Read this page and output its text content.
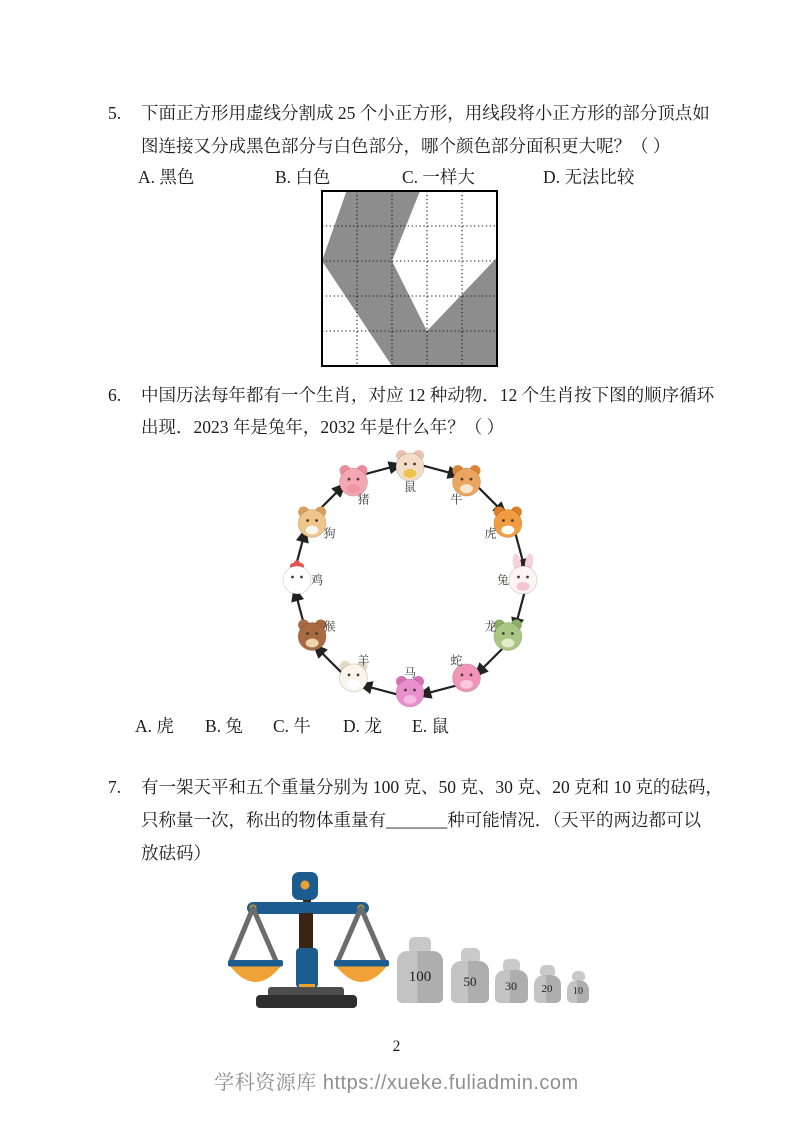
5. 下面正方形用虚线分割成 25 个小正方形，用线段将小正方形的部分顶点如
图连接又分成黑色部分与白色部分，哪个颜色部分面积更大呢？（ ）
A. 黑色	B. 白色	C. 一样大	D. 无法比较
6. 中国历法每年都有一个生肖，对应 12 种动物．12 个生肖按下图的顺序循环
出现．2023 年是兔年，2032 年是什么年？（ ）
鼠
牛
虎
兔
龙
蛇
马
羊
猴
鸡
狗
猪
A. 虎 B. 兔 C. 牛 D. 龙 E. 鼠
7. 有一架天平和五个重量分别为 100 克、50 克、30 克、20 克和 10 克的砝码，
只称量一次，称出的物体重量有_______种可能情况．（天平的两边都可以
放砝码）
100	50	30	20	10
2
学科资源库 https://xueke.fuliadmin.com
